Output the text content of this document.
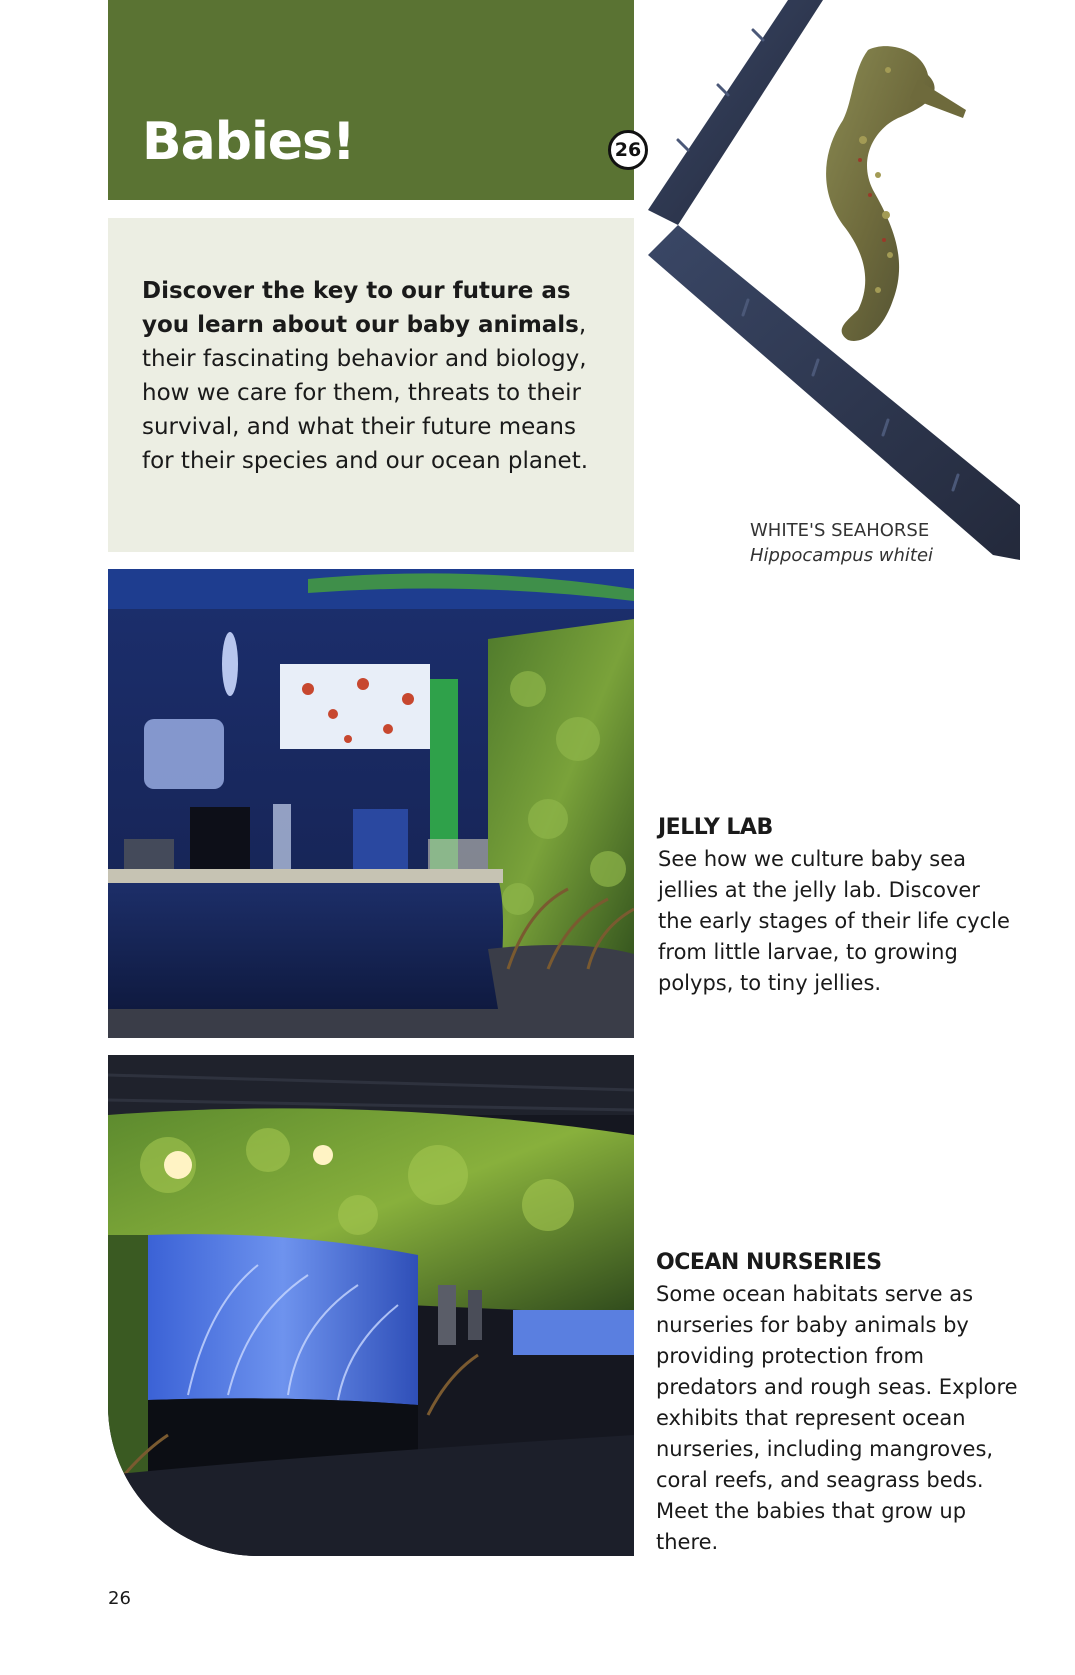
Babies!	26

Discover the key to our future as you learn about our baby animals, their fascinating behavior and biology, how we care for them, threats to their survival, and what their future means for their species and our ocean planet.

WHITE'S SEAHORSE
Hippocampus whitei
JELLY LAB

See how we culture baby sea jellies at the jelly lab. Discover the early stages of their life cycle from little larvae, to growing polyps, to tiny jellies.

OCEAN NURSERIES

Some ocean habitats serve as nurseries for baby animals by providing protection from predators and rough seas. Explore exhibits that represent ocean nurseries, including mangroves, coral reefs, and seagrass beds. Meet the babies that grow up there.

26
